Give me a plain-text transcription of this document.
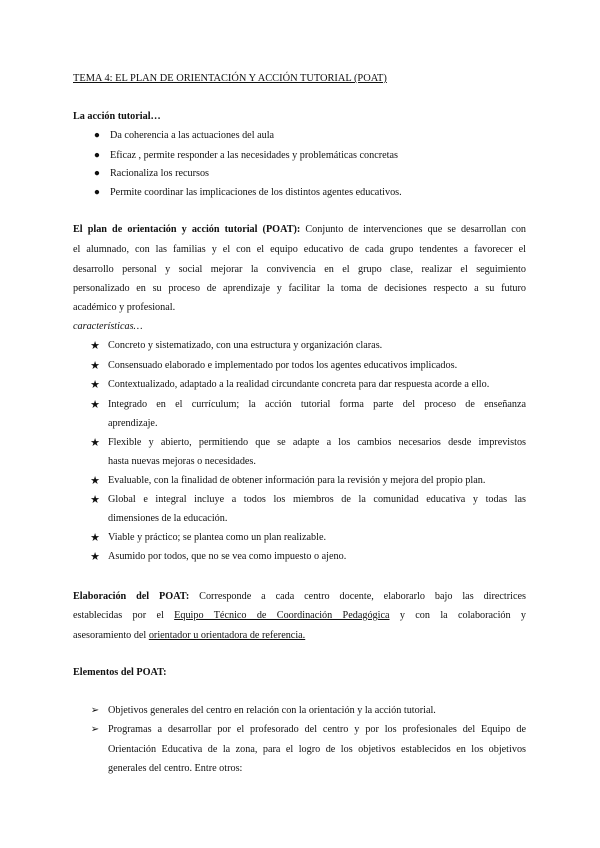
TEMA 4: EL PLAN DE ORIENTACIÓN Y ACCIÓN TUTORIAL (POAT)
La acción tutorial…
● Da coherencia a las actuaciones del aula
● Eficaz , permite responder a las necesidades y problemáticas concretas
● Racionaliza los recursos
● Permite coordinar las implicaciones de los distintos agentes educativos.
El plan de orientación y acción tutorial (POAT): Conjunto de intervenciones que se desarrollan con
el alumnado, con las familias y el con el equipo educativo de cada grupo tendentes a favorecer el
desarrollo personal y social mejorar la convivencia en el grupo clase, realizar el seguimiento
personalizado en su proceso de aprendizaje y facilitar la toma de decisiones respecto a su futuro
académico y profesional.
características…
★ Concreto y sistematizado, con una estructura y organización claras.
★ Consensuado elaborado e implementado por todos los agentes educativos implicados.
★ Contextualizado, adaptado a la realidad circundante concreta para dar respuesta acorde a ello.
★ Integrado en el currículum; la acción tutorial forma parte del proceso de enseñanza
aprendizaje.
★ Flexible y abierto, permitiendo que se adapte a los cambios necesarios desde imprevistos
hasta nuevas mejoras o necesidades.
★ Evaluable, con la finalidad de obtener información para la revisión y mejora del propio plan.
★ Global e integral incluye a todos los miembros de la comunidad educativa y todas las
dimensiones de la educación.
★ Viable y práctico; se plantea como un plan realizable.
★ Asumido por todos, que no se vea como impuesto o ajeno.
Elaboración del POAT: Corresponde a cada centro docente, elaborarlo bajo las directrices
establecidas por el Equipo Técnico de Coordinación Pedagógica y con la colaboración y
asesoramiento del orientador u orientadora de referencia.
Elementos del POAT:
➢ Objetivos generales del centro en relación con la orientación y la acción tutorial.
➢ Programas a desarrollar por el profesorado del centro y por los profesionales del Equipo de
Orientación Educativa de la zona, para el logro de los objetivos establecidos en los objetivos
generales del centro. Entre otros:
